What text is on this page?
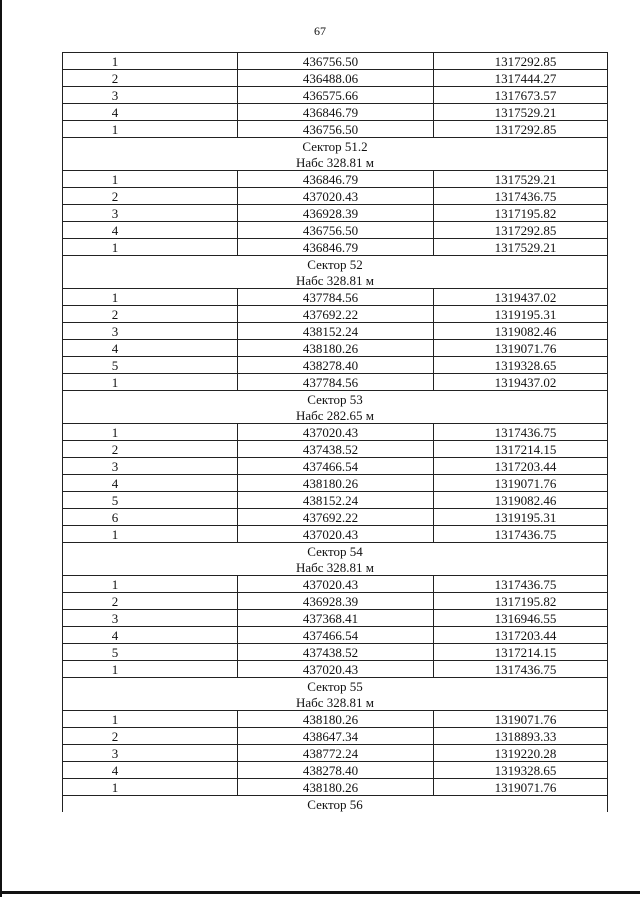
67
1	436756.50	1317292.85
2	436488.06	1317444.27
3	436575.66	1317673.57
4	436846.79	1317529.21
1	436756.50	1317292.85
Сектор 51.2		
Набс 328.81 м		
1	436846.79	1317529.21
2	437020.43	1317436.75
3	436928.39	1317195.82
4	436756.50	1317292.85
1	436846.79	1317529.21
Сектор 52		
Набс 328.81 м		
1	437784.56	1319437.02
2	437692.22	1319195.31
3	438152.24	1319082.46
4	438180.26	1319071.76
5	438278.40	1319328.65
1	437784.56	1319437.02
Сектор 53		
Набс 282.65 м		
1	437020.43	1317436.75
2	437438.52	1317214.15
3	437466.54	1317203.44
4	438180.26	1319071.76
5	438152.24	1319082.46
6	437692.22	1319195.31
1	437020.43	1317436.75
Сектор 54		
Набс 328.81 м		
1	437020.43	1317436.75
2	436928.39	1317195.82
3	437368.41	1316946.55
4	437466.54	1317203.44
5	437438.52	1317214.15
1	437020.43	1317436.75
Сектор 55		
Набс 328.81 м		
1	438180.26	1319071.76
2	438647.34	1318893.33
3	438772.24	1319220.28
4	438278.40	1319328.65
1	438180.26	1319071.76
Сектор 56		
